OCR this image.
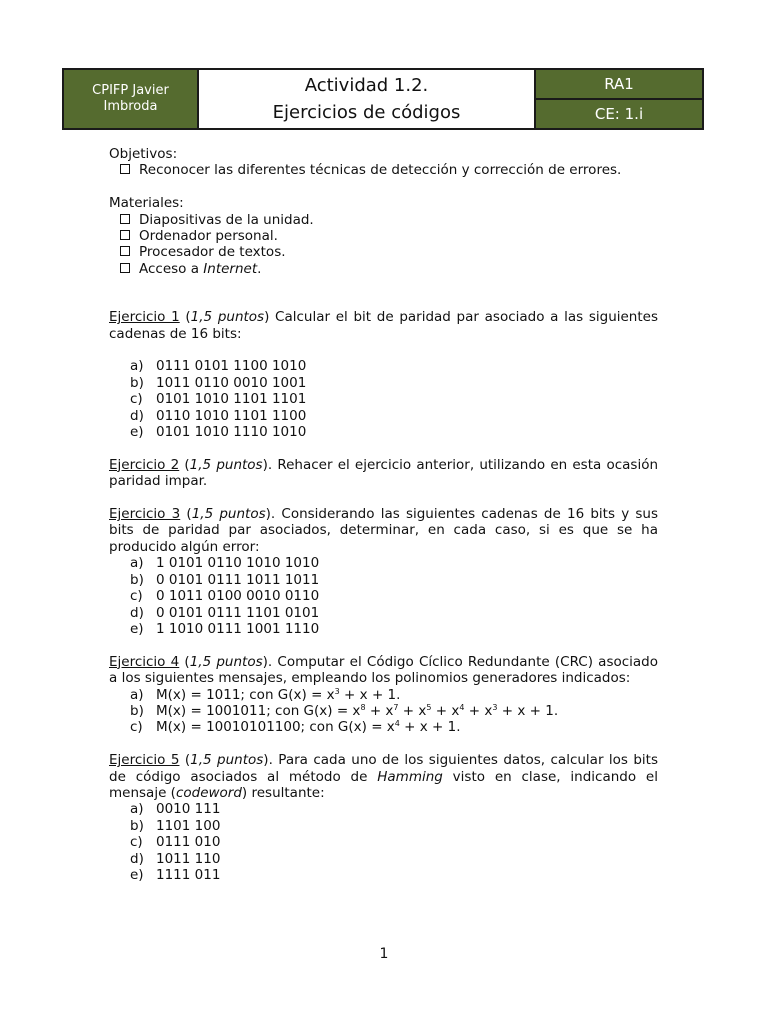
CPIFP Javier
Imbroda
Actividad 1.2.
Ejercicios de códigos
RA1
CE: 1.i

Objetivos:

Reconocer las diferentes técnicas de detección y corrección de errores.

Materiales:

Diapositivas de la unidad.

Ordenador personal.

Procesador de textos.

Acceso a Internet.

Ejercicio 1 (1,5 puntos) Calcular el bit de paridad par asociado a las siguientes cadenas de 16 bits:

a) 0111 0101 1100 1010
b) 1011 0110 0010 1001
c) 0101 1010 1101 1101
d) 0110 1010 1101 1100
e) 0101 1010 1110 1010

Ejercicio 2 (1,5 puntos). Rehacer el ejercicio anterior, utilizando en esta ocasión paridad impar.

Ejercicio 3 (1,5 puntos). Considerando las siguientes cadenas de 16 bits y sus bits de paridad par asociados, determinar, en cada caso, si es que se ha producido algún error:

a) 1 0101 0110 1010 1010
b) 0 0101 0111 1011 1011
c) 0 1011 0100 0010 0110
d) 0 0101 0111 1101 0101
e) 1 1010 0111 1001 1110

Ejercicio 4 (1,5 puntos). Computar el Código Cíclico Redundante (CRC) asociado a los siguientes mensajes, empleando los polinomios generadores indicados:

a) M(x) = 1011; con $G(x) = x^3 + x + 1$.
b) M(x) = 1001011; con $G(x) = x^8 + x^7 + x^5 + x^4 + x^3 + x + 1$.
c) M(x) = 10010101100; con $G(x) = x^4 + x + 1$.

Ejercicio 5 (1,5 puntos). Para cada uno de los siguientes datos, calcular los bits de código asociados al método de Hamming visto en clase, indicando el mensaje (codeword) resultante:

a) 0010 111
b) 1101 100
c) 0111 010
d) 1011 110
e) 1111 011
1
